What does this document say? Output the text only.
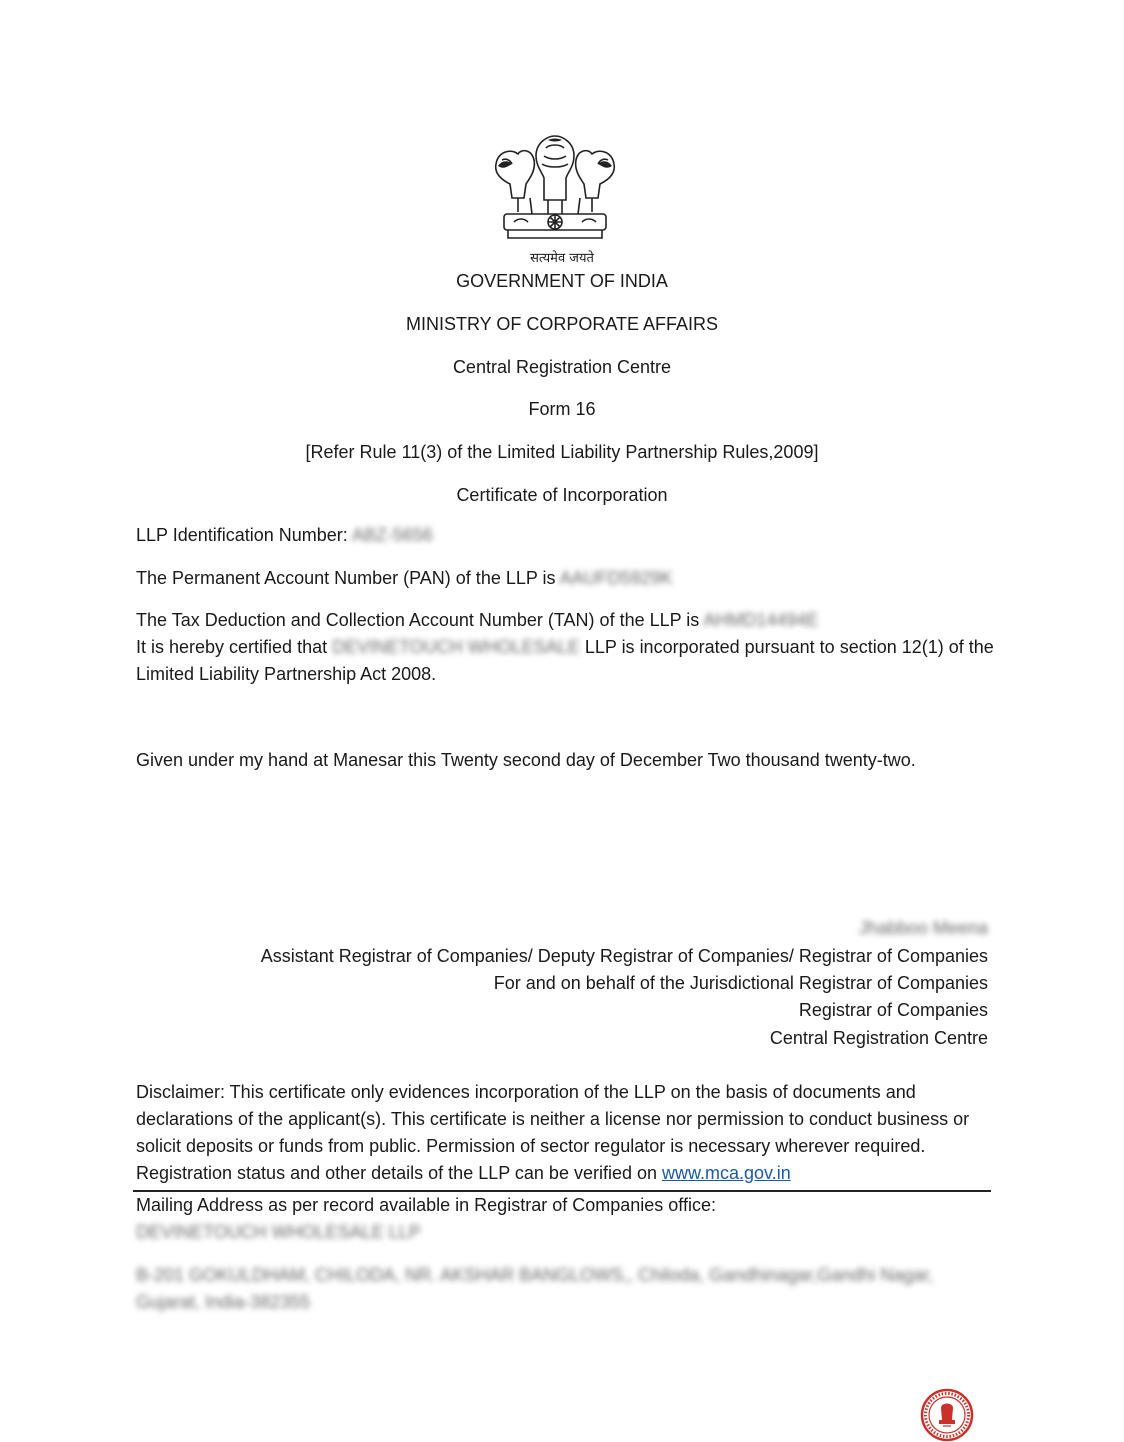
सत्यमेव जयते
GOVERNMENT OF INDIA
MINISTRY OF CORPORATE AFFAIRS
Central Registration Centre
Form 16
[Refer Rule 11(3) of the Limited Liability Partnership Rules,2009]
Certificate of Incorporation
LLP Identification Number: ABZ-5656
The Permanent Account Number (PAN) of the LLP is AAUFD5929K
The Tax Deduction and Collection Account Number (TAN) of the LLP is AHMD14494E
It is hereby certified that DEVINETOUCH WHOLESALE LLP is incorporated pursuant to section 12(1) of the Limited Liability Partnership Act 2008.
Given under my hand at Manesar this Twenty second day of December Two thousand twenty-two.
Jhabboo Meena
Assistant Registrar of Companies/ Deputy Registrar of Companies/ Registrar of Companies
For and on behalf of the Jurisdictional Registrar of Companies
Registrar of Companies
Central Registration Centre
Disclaimer: This certificate only evidences incorporation of the LLP on the basis of documents and declarations of the applicant(s). This certificate is neither a license nor permission to conduct business or solicit deposits or funds from public. Permission of sector regulator is necessary wherever required. Registration status and other details of the LLP can be verified on www.mca.gov.in
Mailing Address as per record available in Registrar of Companies office:
DEVINETOUCH WHOLESALE LLP
B-201 GOKULDHAM, CHILODA, NR. AKSHAR BANGLOWS,, Chiloda, Gandhinagar,Gandhi Nagar, Gujarat, India-382355
